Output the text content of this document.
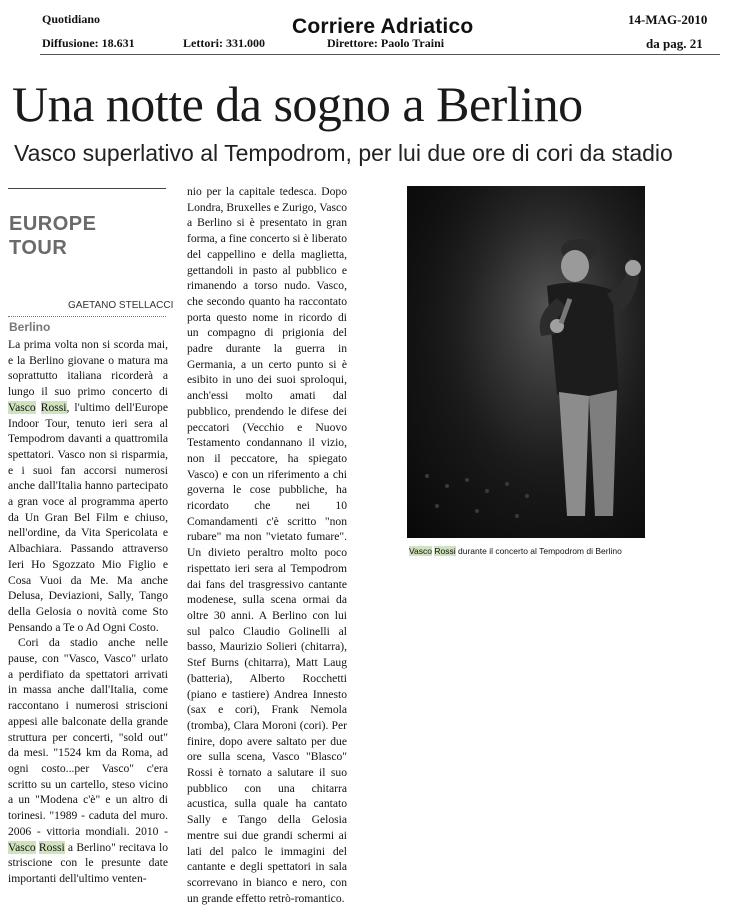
Quotidiano	Corriere Adriatico	14-MAG-2010
Diffusione: 18.631	Lettori: 331.000	Direttore: Paolo Traini	da pag. 21
Una notte da sogno a Berlino
Vasco superlativo al Tempodrom, per lui due ore di cori da stadio
EUROPE
TOUR
GAETANO STELLACCI
Berlino

La prima volta non si scorda mai, e la Berlino giovane o matura ma soprattutto italiana ricorderà a lungo il suo primo concerto di Vasco Rossi, l'ultimo dell'Europe Indoor Tour, tenuto ieri sera al Tempodrom davanti a quattromila spettatori. Vasco non si risparmia, e i suoi fan accorsi numerosi anche dall'Italia hanno partecipato a gran voce al programma aperto da Un Gran Bel Film e chiuso, nell'ordine, da Vita Spericolata e Albachiara. Passando attraverso Ieri Ho Sgozzato Mio Figlio e Cosa Vuoi da Me. Ma anche Delusa, Deviazioni, Sally, Tango della Gelosia o novità come Sto Pensando a Te o Ad Ogni Costo.

Cori da stadio anche nelle pause, con "Vasco, Vasco" urlato a perdifiato da spettatori arrivati in massa anche dall'Italia, come raccontano i numerosi striscioni appesi alle balconate della grande struttura per concerti, "sold out" da mesi. "1524 km da Roma, ad ogni costo...per Vasco" c'era scritto su un cartello, steso vicino a un "Modena c'è" e un altro di torinesi. "1989 - caduta del muro. 2006 - vittoria mondiali. 2010 - Vasco Rossi a Berlino" recitava lo striscione con le presunte date importanti dell'ultimo venten-

nio per la capitale tedesca. Dopo Londra, Bruxelles e Zurigo, Vasco a Berlino si è presentato in gran forma, a fine concerto si è liberato del cappellino e della maglietta, gettandoli in pasto al pubblico e rimanendo a torso nudo. Vasco, che secondo quanto ha raccontato porta questo nome in ricordo di un compagno di prigionia del padre durante la guerra in Germania, a un certo punto si è esibito in uno dei suoi sproloqui, anch'essi molto amati dal pubblico, prendendo le difese dei peccatori (Vecchio e Nuovo Testamento condannano il vizio, non il peccatore, ha spiegato Vasco) e con un riferimento a chi governa le cose pubbliche, ha ricordato che nei 10 Comandamenti c'è scritto "non rubare" ma non "vietato fumare". Un divieto peraltro molto poco rispettato ieri sera al Tempodrom dai fans del trasgressivo cantante modenese, sulla scena ormai da oltre 30 anni. A Berlino con lui sul palco Claudio Golinelli al basso, Maurizio Solieri (chitarra), Stef Burns (chitarra), Matt Laug (batteria), Alberto Rocchetti (piano e tastiere) Andrea Innesto (sax e cori), Frank Nemola (tromba), Clara Moroni (cori). Per finire, dopo avere saltato per due ore sulla scena, Vasco "Blasco" Rossi è tornato a salutare il suo pubblico con una chitarra acustica, sulla quale ha cantato Sally e Tango della Gelosia mentre sui due grandi schermi ai lati del palco le immagini del cantante e degli spettatori in sala scorrevano in bianco e nero, con un grande effetto retrò-romantico.

Vasco Rossi durante il concerto al Tempodrom di Berlino
